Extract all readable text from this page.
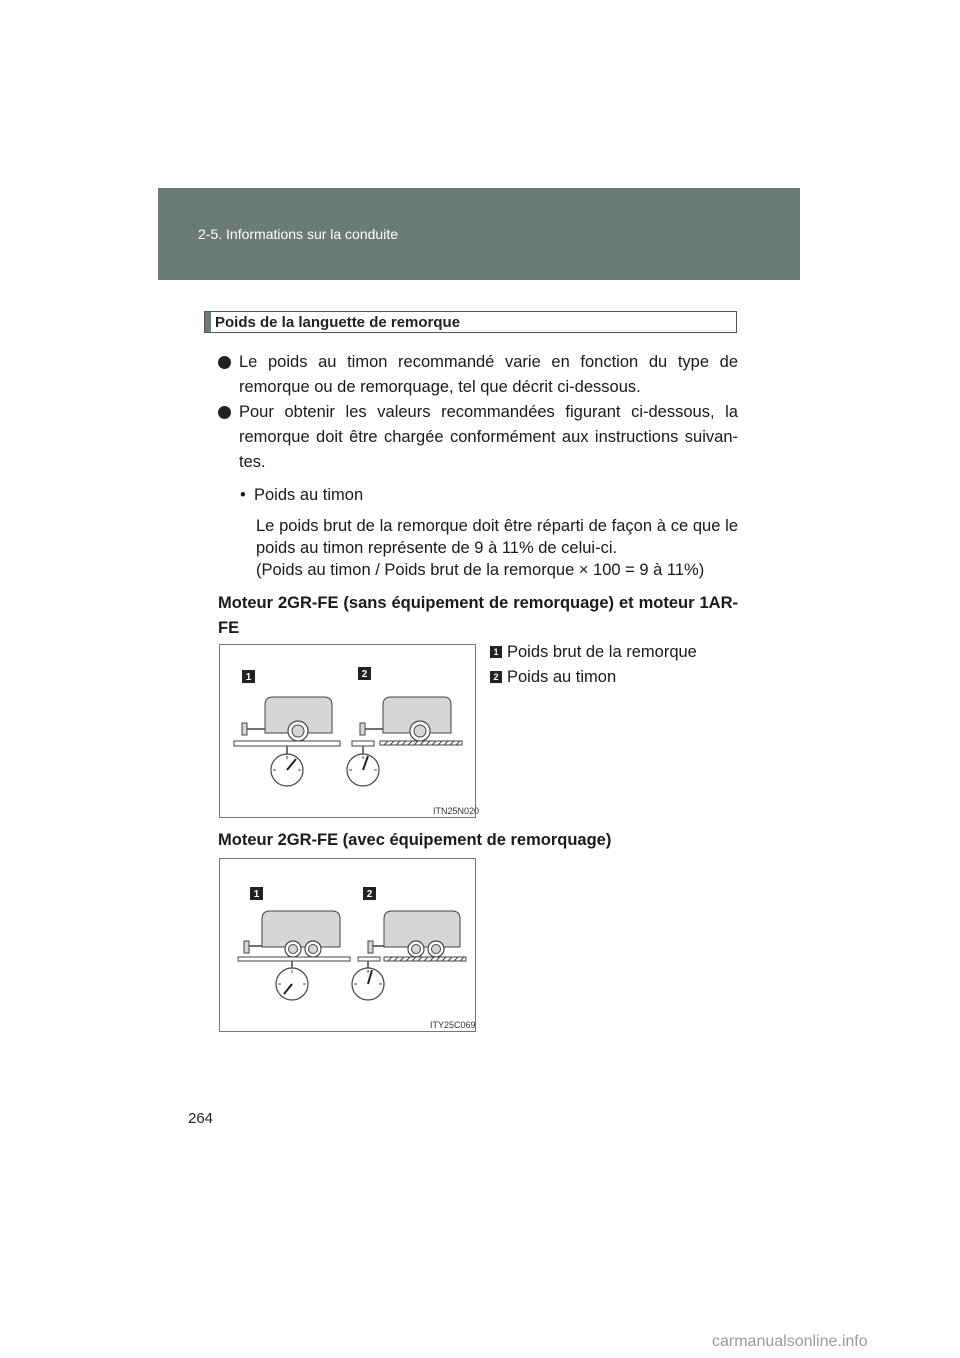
2-5. Informations sur la conduite
Poids de la languette de remorque
Le poids au timon recommandé varie en fonction du type de remorque ou de remorquage, tel que décrit ci-dessous.
Pour obtenir les valeurs recommandées figurant ci-dessous, la remorque doit être chargée conformément aux instructions suivan-tes.
• Poids au timon
Le poids brut de la remorque doit être réparti de façon à ce que le poids au timon représente de 9 à 11% de celui-ci.
(Poids au timon / Poids brut de la remorque × 100 = 9 à 11%)
Moteur 2GR-FE (sans équipement de remorquage) et moteur 1AR-FE
1	2
ITN25N020
1 Poids brut de la remorque
2 Poids au timon
Moteur 2GR-FE (avec équipement de remorquage)
1	2
ITY25C069
264
carmanualsonline.info
